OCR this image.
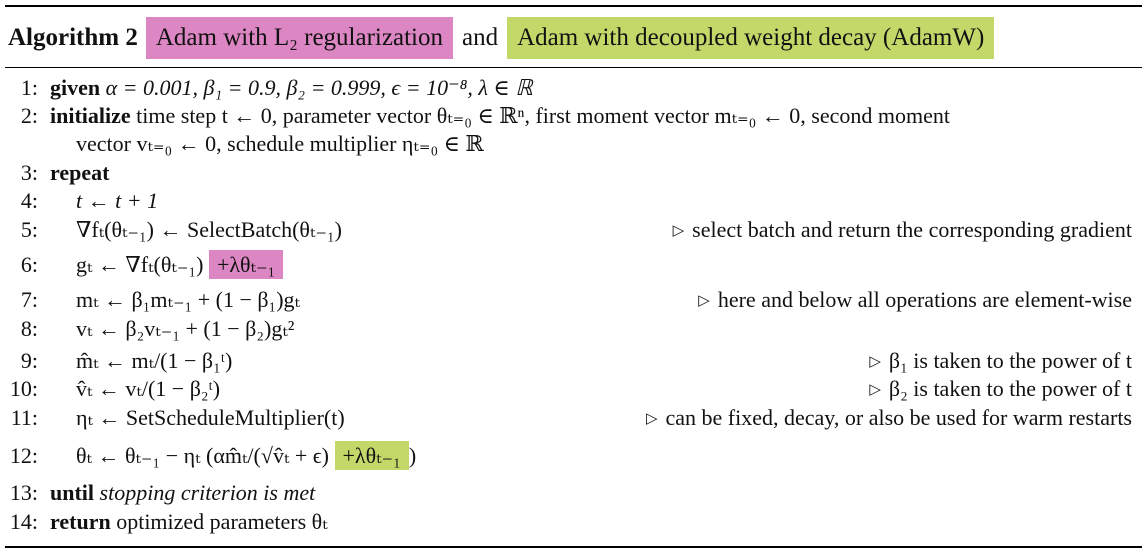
Algorithm 2 Adam with L₂ regularization and Adam with decoupled weight decay (AdamW)
1: given α = 0.001, β₁ = 0.9, β₂ = 0.999, ϵ = 10⁻⁸, λ ∈ ℝ
2: initialize time step t ← 0, parameter vector θₜ₌₀ ∈ ℝⁿ, first moment vector mₜ₌₀ ← 0, second moment
vector vₜ₌₀ ← 0, schedule multiplier ηₜ₌₀ ∈ ℝ
3: repeat
4: t ← t + 1
5: ∇fₜ(θₜ₋₁) ← SelectBatch(θₜ₋₁)	▷ select batch and return the corresponding gradient
6: gₜ ← ∇fₜ(θₜ₋₁) +λθₜ₋₁
7: mₜ ← β₁mₜ₋₁ + (1 − β₁)gₜ	▷ here and below all operations are element-wise
8: vₜ ← β₂vₜ₋₁ + (1 − β₂)gₜ²
9: m̂ₜ ← mₜ/(1 − β₁ᵗ)	▷ β₁ is taken to the power of t
10: v̂ₜ ← vₜ/(1 − β₂ᵗ)	▷ β₂ is taken to the power of t
11: ηₜ ← SetScheduleMultiplier(t)	▷ can be fixed, decay, or also be used for warm restarts
12: θₜ ← θₜ₋₁ − ηₜ (αm̂ₜ/(√v̂ₜ + ϵ) +λθₜ₋₁ )
13: until stopping criterion is met
14: return optimized parameters θₜ
